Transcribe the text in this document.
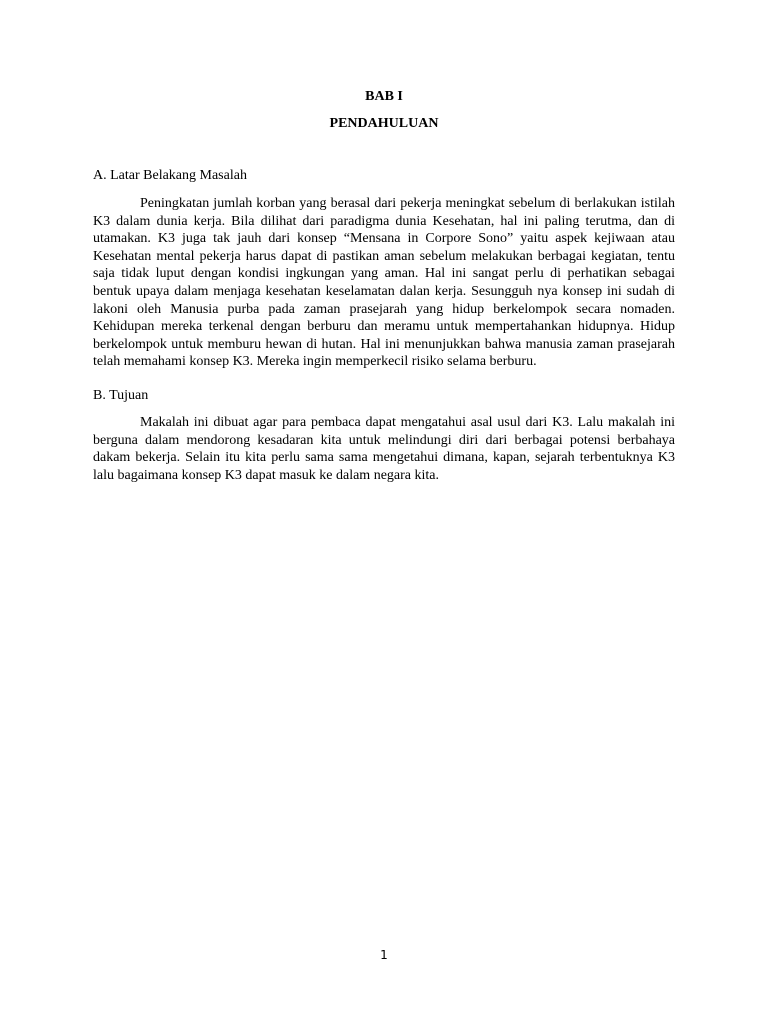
BAB I
PENDAHULUAN
A. Latar Belakang Masalah

Peningkatan jumlah korban yang berasal dari pekerja meningkat sebelum di berlakukan istilah K3 dalam dunia kerja. Bila dilihat dari paradigma dunia Kesehatan, hal ini paling terutma, dan di utamakan. K3 juga tak jauh dari konsep “Mensana in Corpore Sono” yaitu aspek kejiwaan atau Kesehatan mental pekerja harus dapat di pastikan aman sebelum melakukan berbagai kegiatan, tentu saja tidak luput dengan kondisi ingkungan yang aman. Hal ini sangat perlu di perhatikan sebagai bentuk upaya dalam menjaga kesehatan keselamatan dalan kerja. Sesungguh nya konsep ini sudah di lakoni oleh Manusia purba pada zaman prasejarah yang hidup berkelompok secara nomaden. Kehidupan mereka terkenal dengan berburu dan meramu untuk mempertahankan hidupnya. Hidup berkelompok untuk memburu hewan di hutan. Hal ini menunjukkan bahwa manusia zaman prasejarah telah memahami konsep K3. Mereka ingin memperkecil risiko selama berburu.

B. Tujuan

Makalah ini dibuat agar para pembaca dapat mengatahui asal usul dari K3. Lalu makalah ini berguna dalam mendorong kesadaran kita untuk melindungi diri dari berbagai potensi berbahaya dakam bekerja. Selain itu kita perlu sama sama mengetahui dimana, kapan, sejarah terbentuknya K3 lalu bagaimana konsep K3 dapat masuk ke dalam negara kita.

1
